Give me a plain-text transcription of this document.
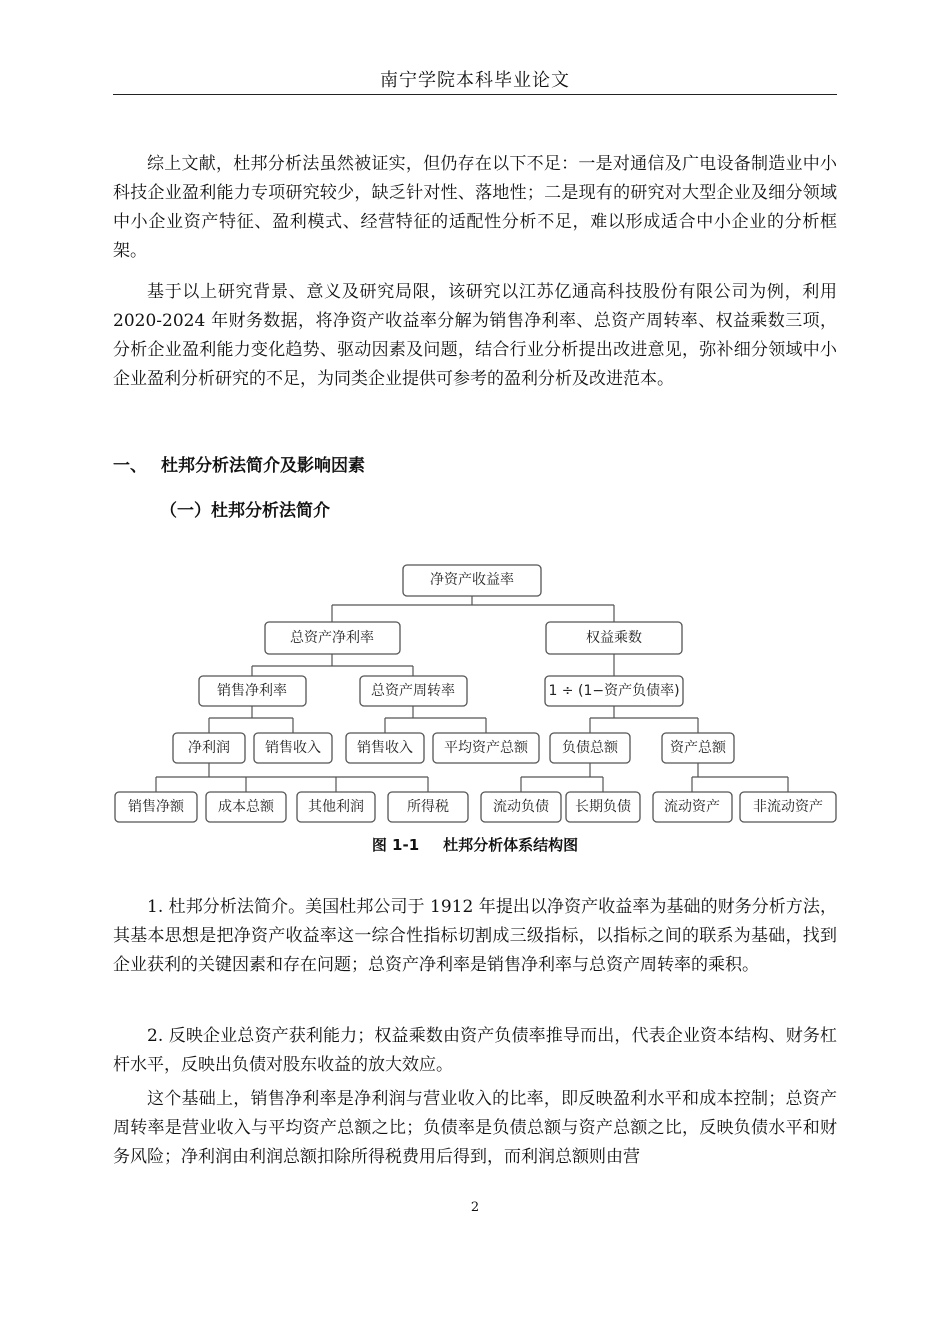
南宁学院本科毕业论文

综上文献，杜邦分析法虽然被证实，但仍存在以下不足：一是对通信及广电设备制造业中小科技企业盈利能力专项研究较少，缺乏针对性、落地性；二是现有的研究对大型企业及细分领域中小企业资产特征、盈利模式、经营特征的适配性分析不足，难以形成适合中小企业的分析框架。

基于以上研究背景、意义及研究局限，该研究以江苏亿通高科技股份有限公司为例，利用 2020-2024 年财务数据，将净资产收益率分解为销售净利率、总资产周转率、权益乘数三项，分析企业盈利能力变化趋势、驱动因素及问题，结合行业分析提出改进意见，弥补细分领域中小企业盈利分析研究的不足，为同类企业提供可参考的盈利分析及改进范本。

一、 杜邦分析法简介及影响因素
（一）杜邦分析法简介
净资产收益率
总资产净利率	权益乘数
销售净利率	总资产周转率	1 ÷ (1−资产负债率)
净利润	销售收入	销售收入 平均资产总额 负债总额	资产总额
销售净额 成本总额 其他利润	所得税	流动负债 长期负债 流动资产 非流动资产
图 1-1 杜邦分析体系结构图

1. 杜邦分析法简介。美国杜邦公司于 1912 年提出以净资产收益率为基础的财务分析方法，其基本思想是把净资产收益率这一综合性指标切割成三级指标，以指标之间的联系为基础，找到企业获利的关键因素和存在问题；总资产净利率是销售净利率与总资产周转率的乘积。

2. 反映企业总资产获利能力；权益乘数由资产负债率推导而出，代表企业资本结构、财务杠杆水平，反映出负债对股东收益的放大效应。

这个基础上，销售净利率是净利润与营业收入的比率，即反映盈利水平和成本控制；总资产周转率是营业收入与平均资产总额之比；负债率是负债总额与资产总额之比，反映负债水平和财务风险；净利润由利润总额扣除所得税费用后得到，而利润总额则由营

2
